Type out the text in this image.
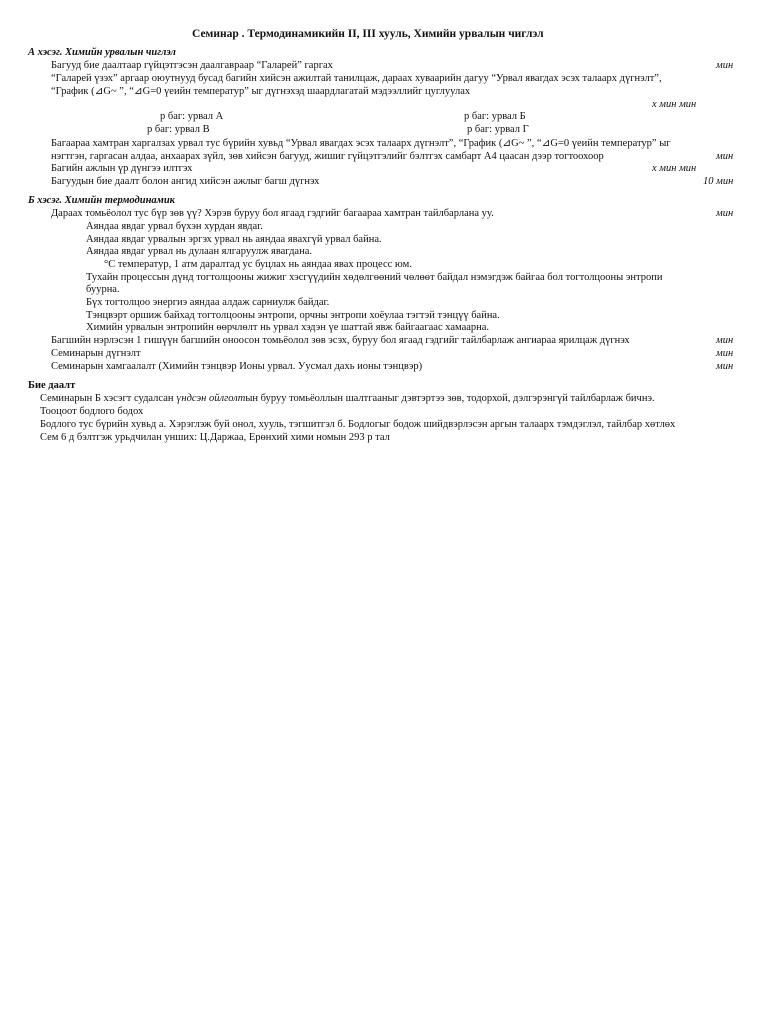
Семинар . Термодинамикийн II, III хууль, Химийн урвалын чиглэл
А хэсэг. Химийн урвалын чиглэл
Багууд бие даалтаар гүйцэтгэсэн даалгавраар “Галарей” гаргах	мин
“Галарей үзэх” аргаар оюутнууд бусад багийн хийсэн ажилтай танилцаж, дараах хуваарийн дагуу “Урвал явагдах эсэх талаарх дүгнэлт”,
“График (⊿G~ ”, “⊿G=0 үеийн температур” ыг дүгнэхэд шаардлагатай мэдээллийг цуглуулах
х мин мин
р баг: урвал А	р баг: урвал Б
р баг: урвал В	р баг: урвал Г
Багаараа хамтран харгалзах урвал тус бүрийн хувьд “Урвал явагдах эсэх талаарх дүгнэлт”, “График (⊿G~ ”, “⊿G=0 үеийн температур” ыг
нэгтгэн, гаргасан алдаа, анхаарах зүйл, зөв хийсэн багууд, жишиг гүйцэтгэлийг бэлтгэх самбарт А4 цаасан дээр тогтоохоор	мин
Багийн ажлын үр дүнгээ илтгэх	х мин мин
Багуудын бие даалт болон ангид хийсэн ажлыг багш дүгнэх	10 мин
Б хэсэг. Химийн термодинамик
Дараах томьёолол тус бүр зөв үү? Хэрэв буруу бол ягаад гэдгийг багаараа хамтран тайлбарлана уу.	мин
Аяндаа явдаг урвал бүхэн хурдан явдаг.
Аяндаа явдаг урвалын эргэх урвал нь аяндаа явахгүй урвал байна.
Аяндаа явдаг урвал нь дулаан ялгаруулж явагдана.
°C температур, 1 атм даралтад ус буцлах нь аяндаа явах процесс юм.
Тухайн процессын дүнд тогтолцооны жижиг хэсгүүдийн хөдөлгөөний чөлөөт байдал нэмэгдэж байгаа бол тогтолцооны энтропи
буурна.
Бүх тогтолцоо энергиэ аяндаа алдаж сарниулж байдаг.
Тэнцвэрт оршиж байхад тогтолцооны энтропи, орчны энтропи хоёулаа тэгтэй тэнцүү байна.
Химийн урвалын энтропийн өөрчлөлт нь урвал хэдэн үе шаттай явж байгаагаас хамаарна.
Багшийн нэрлэсэн 1 гишүүн багшийн оноосон томьёолол зөв эсэх, буруу бол ягаад гэдгийг тайлбарлаж ангиараа ярилцаж дүгнэх	мин
Семинарын дүгнэлт	мин
Семинарын хамгаалалт (Химийн тэнцвэр Ионы урвал. Уусмал дахь ионы тэнцвэр)	мин
Бие даалт
Семинарын Б хэсэгт судалсан үндсэн ойлголтын буруу томьёоллын шалтгааныг дэвтэртээ зөв, тодорхой, дэлгэрэнгүй тайлбарлаж бичнэ.
Тооцоот бодлого бодох
Бодлого тус бүрийн хувьд а. Хэрэглэж буй онол, хууль, тэгшитгэл б. Бодлогыг бодож шийдвэрлэсэн аргын талаарх тэмдэглэл, тайлбар хөтлөх
Сем 6 д бэлтгэж урьдчилан унших: Ц.Даржаа, Ерөнхий хими номын 293 р тал
